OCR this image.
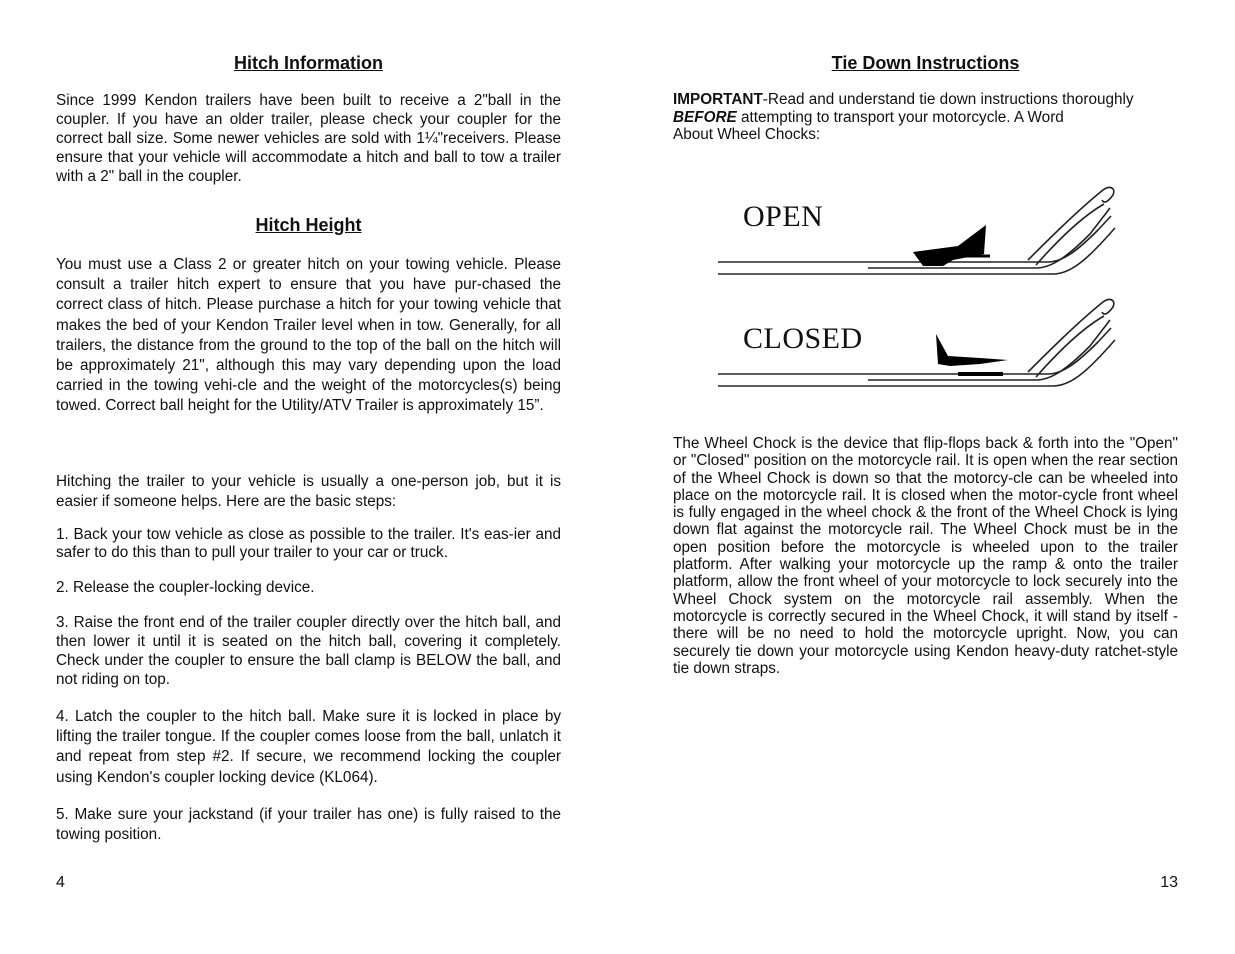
Hitch Information

Since 1999 Kendon trailers have been built to receive a 2"ball in the coupler. If you have an older trailer, please check your coupler for the correct ball size. Some newer vehicles are sold with 1¼"receivers. Please ensure that your vehicle will accommodate a hitch and ball to tow a trailer with a 2" ball in the coupler.

Hitch Height

You must use a Class 2 or greater hitch on your towing vehicle. Please consult a trailer hitch expert to ensure that you have pur-chased the correct class of hitch. Please purchase a hitch for your towing vehicle that makes the bed of your Kendon Trailer level when in tow. Generally, for all trailers, the distance from the ground to the top of the ball on the hitch will be approximately 21", although this may vary depending upon the load carried in the towing vehi-cle and the weight of the motorcycles(s) being towed. Correct ball height for the Utility/ATV Trailer is approximately 15”.

Hitching the trailer to your vehicle is usually a one-person job, but it is easier if someone helps. Here are the basic steps:

1. Back your tow vehicle as close as possible to the trailer. It's eas-ier and safer to do this than to pull your trailer to your car or truck.

2. Release the coupler-locking device.

3. Raise the front end of the trailer coupler directly over the hitch ball, and then lower it until it is seated on the hitch ball, covering it completely. Check under the coupler to ensure the ball clamp is BELOW the ball, and not riding on top.

4. Latch the coupler to the hitch ball. Make sure it is locked in place by lifting the trailer tongue. If the coupler comes loose from the ball, unlatch it and repeat from step #2. If secure, we recommend locking the coupler using Kendon's coupler locking device (KL064).

5. Make sure your jackstand (if your trailer has one) is fully raised to the towing position.

4
Tie Down Instructions
IMPORTANT-Read and understand tie down instructions thoroughly
BEFORE attempting to transport your motorcycle. A Word
About Wheel Chocks:
OPEN
CLOSED

The Wheel Chock is the device that flip-flops back & forth into the "Open" or "Closed" position on the motorcycle rail. It is open when the rear section of the Wheel Chock is down so that the motorcy-cle can be wheeled into place on the motorcycle rail. It is closed when the motor-cycle front wheel is fully engaged in the wheel chock & the front of the Wheel Chock is lying down flat against the motorcycle rail. The Wheel Chock must be in the open position before the motorcycle is wheeled upon to the trailer platform. After walking your motorcycle up the ramp & onto the trailer platform, allow the front wheel of your motorcycle to lock securely into the Wheel Chock system on the motorcycle rail assembly. When the motorcycle is correctly secured in the Wheel Chock, it will stand by itself - there will be no need to hold the motorcycle upright. Now, you can securely tie down your motorcycle using Kendon heavy-duty ratchet-style tie down straps.

13
